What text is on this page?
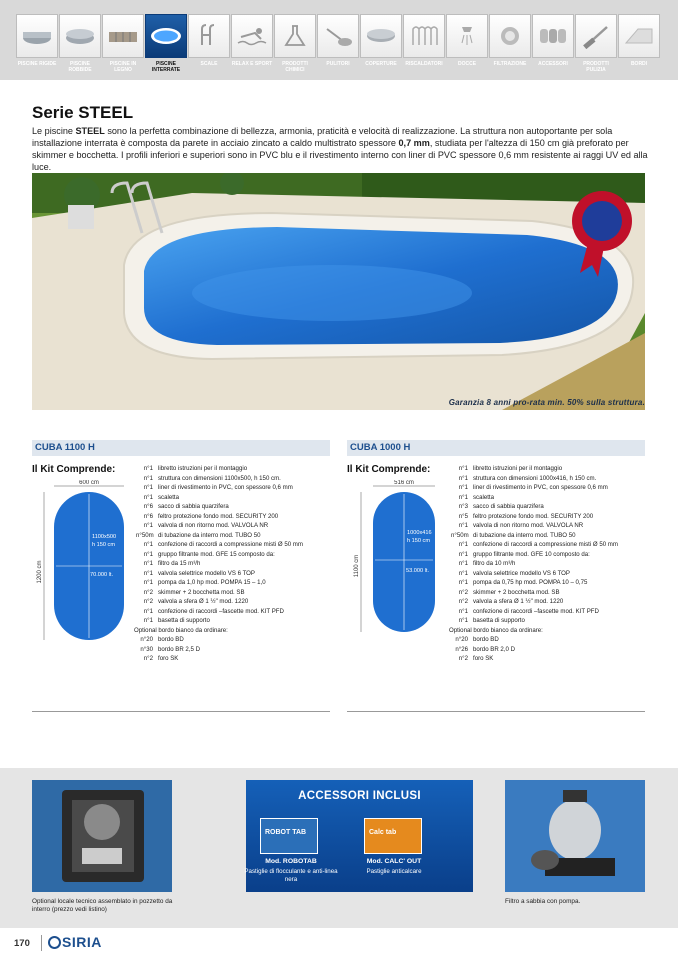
PISCINE RIGIDE	PISCINE ROBBIDE
PISCINE IN LEGNO
PISCINE INTERRATE
SCALE	RELAX E SPORT	PRODOTTI CHIMICI
PULITORI	COPERTURE	RISCALDATORI	DOCCE	FILTRAZIONE	ACCESSORI	PRODOTTI PULIZIA
BORDI
Serie STEEL

Le piscine STEEL sono la perfetta combinazione di bellezza, armonia, praticità e velocità di realizzazione. La struttura non autoportante per sola installazione interrata è composta da parete in acciaio zincato a caldo multistrato spessore 0,7 mm, studiata per l'altezza di 150 cm già preforato per skimmer e bocchetta. I profili inferiori e superiori sono in PVC blu e il rivestimento interno con liner di PVC spessore 0,6 mm resistente ai raggi UV ed alla luce.

Garanzia 8 anni pro-rata min. 50% sulla struttura.
CUBA 1100 H
Il Kit Comprende:
600 cm
1100x500
h 150 cm
70.000 lt.
1200 cm
n°1 libretto istruzioni per il montaggio
n°1 struttura con dimensioni 1100x500, h 150 cm.
n°1 liner di rivestimento in PVC, con spessore 0,6 mm
n°1 scaletta
n°6 sacco di sabbia quarzifera
n°6 feltro protezione fondo mod. SECURITY 200
n°1 valvola di non ritorno mod. VALVOLA NR
n°50m di tubazione da interro mod. TUBO 50
n°1 confezione di raccordi a compressione misti Ø 50 mm
n°1 gruppo filtrante mod. GFE 15 composto da:
n°1 filtro da 15 m³/h
n°1 valvola selettrice modello VS 6 TOP
n°1 pompa da 1,0 hp mod. POMPA 15 – 1,0
n°2 skimmer + 2 bocchetta mod. SB
n°2 valvola a sfera Ø 1 ½" mod. 1220
n°1 confezione di raccordi –fascette mod. KIT PFD
n°1 basetta di supporto
Optional bordo bianco da ordinare:
n°20 bordo BD
n°30 bordo BR 2,5 D
n°2 foro SK
CUBA 1000 H
Il Kit Comprende:
516 cm
1000x416
h 150 cm
53.000 lt.
1100 cm
n°1 libretto istruzioni per il montaggio
n°1 struttura con dimensioni 1000x416, h 150 cm.
n°1 liner di rivestimento in PVC, con spessore 0,6 mm
n°1 scaletta
n°3 sacco di sabbia quarzifera
n°5 feltro protezione fondo mod. SECURITY 200
n°1 valvola di non ritorno mod. VALVOLA NR
n°50m di tubazione da interro mod. TUBO 50
n°1 confezione di raccordi a compressione misti Ø 50 mm
n°1 gruppo filtrante mod. GFE 10 composto da:
n°1 filtro da 10 m³/h
n°1 valvola selettrice modello VS 6 TOP
n°1 pompa da 0,75 hp mod. POMPA 10 – 0,75
n°2 skimmer + 2 bocchetta mod. SB
n°2 valvola a sfera Ø 1 ½" mod. 1220
n°1 confezione di raccordi –fascette mod. KIT PFD
n°1 basetta di supporto
Optional bordo bianco da ordinare:
n°20 bordo BD
n°26 bordo BR 2,0 D
n°2 foro SK
Optional locale tecnico assemblato in pozzetto da interro (prezzo vedi listino)
ACCESSORI INCLUSI
ROBOT TAB	Calc tab
Mod. ROBOTAB
Pastiglie di flocculante e anti-linea nera
Mod. CALC' OUT
Pastiglie anticalcare
Filtro a sabbia con pompa.
170	SIRIA
